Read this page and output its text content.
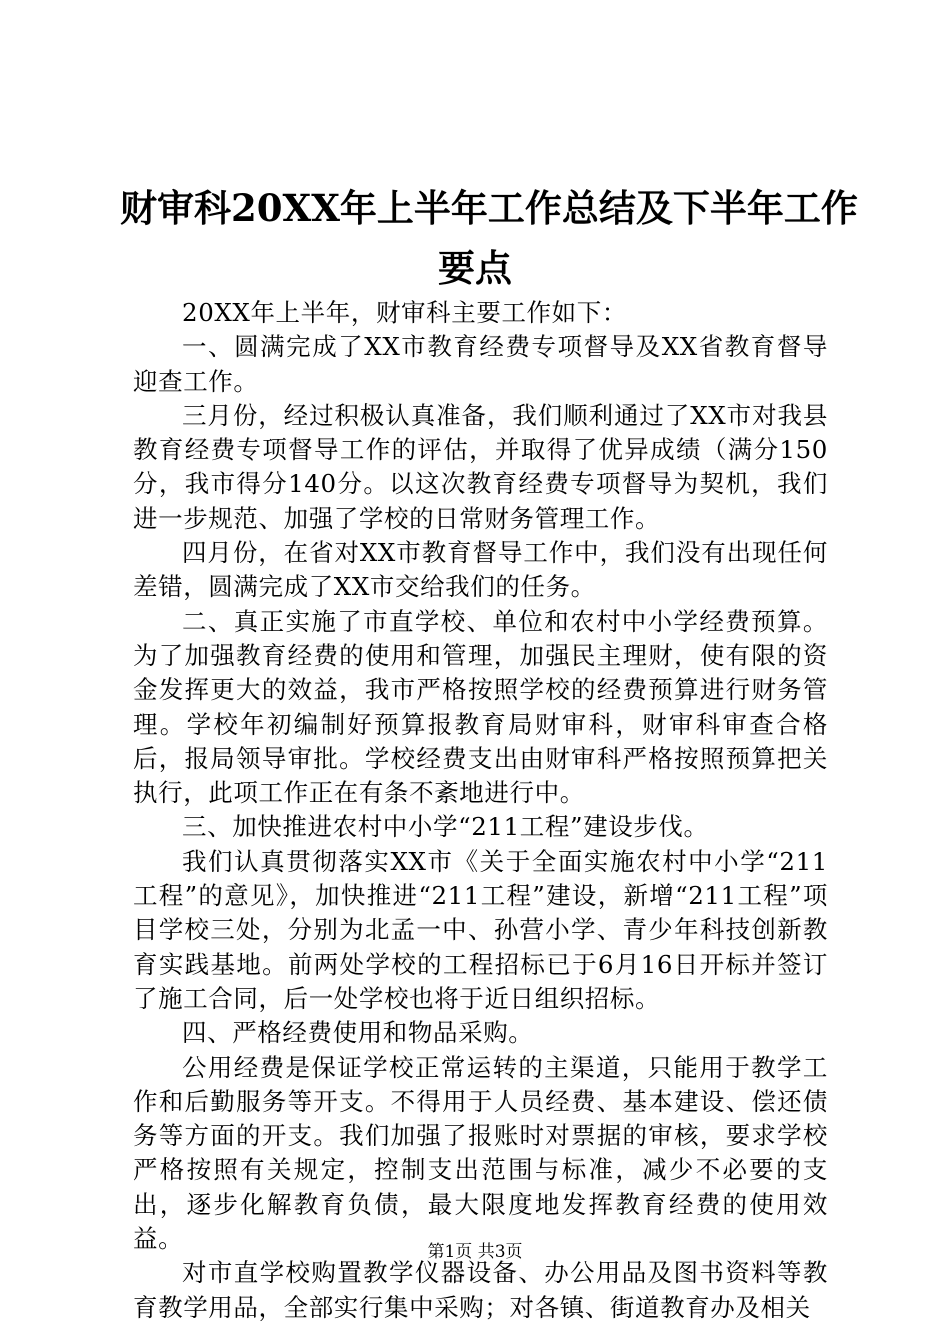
财审科20XX年上半年工作总结及下半年工作
要点

20XX年上半年，财审科主要工作如下：

一、圆满完成了XX市教育经费专项督导及XX省教育督导迎查工作。

三月份，经过积极认真准备，我们顺利通过了XX市对我县教育经费专项督导工作的评估，并取得了优异成绩（满分150分，我市得分140分。以这次教育经费专项督导为契机，我们进一步规范、加强了学校的日常财务管理工作。

四月份，在省对XX市教育督导工作中，我们没有出现任何差错，圆满完成了XX市交给我们的任务。

二、真正实施了市直学校、单位和农村中小学经费预算。为了加强教育经费的使用和管理，加强民主理财，使有限的资金发挥更大的效益，我市严格按照学校的经费预算进行财务管理。学校年初编制好预算报教育局财审科，财审科审查合格后，报局领导审批。学校经费支出由财审科严格按照预算把关执行，此项工作正在有条不紊地进行中。

三、加快推进农村中小学“211工程”建设步伐。

我们认真贯彻落实XX市《关于全面实施农村中小学“211工程”的意见》，加快推进“211工程”建设，新增“211工程”项目学校三处，分别为北孟一中、孙营小学、青少年科技创新教育实践基地。前两处学校的工程招标已于6月16日开标并签订了施工合同，后一处学校也将于近日组织招标。

四、严格经费使用和物品采购。

公用经费是保证学校正常运转的主渠道，只能用于教学工作和后勤服务等开支。不得用于人员经费、基本建设、偿还债务等方面的开支。我们加强了报账时对票据的审核，要求学校严格按照有关规定，控制支出范围与标准，减少不必要的支出，逐步化解教育负债，最大限度地发挥教育经费的使用效益。

对市直学校购置教学仪器设备、办公用品及图书资料等教育教学用品，全部实行集中采购；对各镇、街道教育办及相关

第1页 共3页
